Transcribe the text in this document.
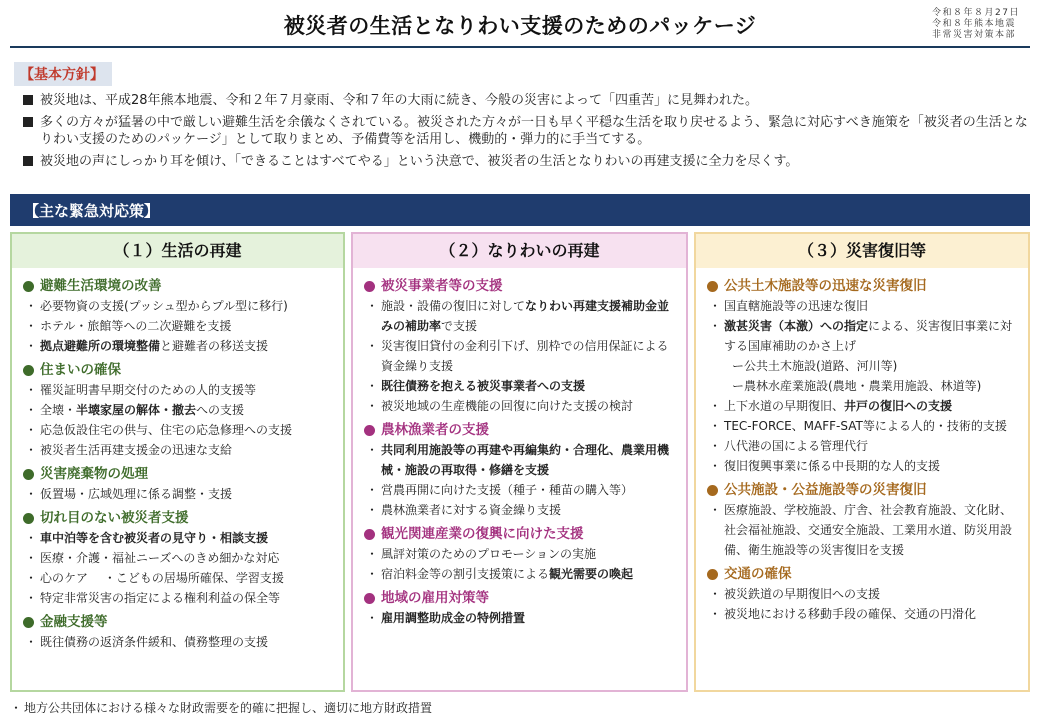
被災者の生活となりわい支援のためのパッケージ
令和８年８月27日
令和８年熊本地震
非常災害対策本部
【基本方針】
被災地は、平成28年熊本地震、令和２年７月豪雨、令和７年の大雨に続き、今般の災害によって「四重苦」に見舞われた。
多くの方々が猛暑の中で厳しい避難生活を余儀なくされている。被災された方々が一日も早く平穏な生活を取り戻せるよう、緊急に対応すべき施策を「被災者の生活となりわい支援のためのパッケージ」として取りまとめ、予備費等を活用し、機動的・弾力的に手当てする。
被災地の声にしっかり耳を傾け、「できることはすべてやる」という決意で、被災者の生活となりわいの再建支援に全力を尽くす。
【主な緊急対応策】
（１）生活の再建
避難生活環境の改善
・ 必要物資の支援(プッシュ型からプル型に移行)
・ ホテル・旅館等への二次避難を支援
・ 拠点避難所の環境整備と避難者の移送支援
住まいの確保
・ 罹災証明書早期交付のための人的支援等
・ 全壊・半壊家屋の解体・撤去への支援
・ 応急仮設住宅の供与、住宅の応急修理への支援
・ 被災者生活再建支援金の迅速な支給
災害廃棄物の処理
・ 仮置場・広域処理に係る調整・支援
切れ目のない被災者支援
・ 車中泊等を含む被災者の見守り・相談支援
・ 医療・介護・福祉ニーズへのきめ細かな対応
・ 心のケア　 ・こどもの居場所確保、学習支援
・ 特定非常災害の指定による権利利益の保全等
金融支援等
・ 既往債務の返済条件緩和、債務整理の支援
（２）なりわいの再建
被災事業者等の支援
・ 施設・設備の復旧に対してなりわい再建支援補助金並みの補助率で支援
・ 災害復旧貸付の金利引下げ、別枠での信用保証による資金繰り支援
・ 既往債務を抱える被災事業者への支援
・ 被災地域の生産機能の回復に向けた支援の検討
農林漁業者の支援
・ 共同利用施設等の再建や再編集約・合理化、農業用機械・施設の再取得・修繕を支援
・ 営農再開に向けた支援（種子・種苗の購入等）
・ 農林漁業者に対する資金繰り支援
観光関連産業の復興に向けた支援
・ 風評対策のためのプロモーションの実施
・ 宿泊料金等の割引支援策による観光需要の喚起
地域の雇用対策等
・ 雇用調整助成金の特例措置
（３）災害復旧等
公共土木施設等の迅速な災害復旧
・ 国直轄施設等の迅速な復旧
・ 激甚災害（本激）への指定による、災害復旧事業に対する国庫補助のかさ上げ
ー公共土木施設(道路、河川等)
ー農林水産業施設(農地・農業用施設、林道等)
・ 上下水道の早期復旧、井戸の復旧への支援
・ TEC-FORCE、MAFF-SAT等による人的・技術的支援
・ 八代港の国による管理代行
・ 復旧復興事業に係る中長期的な人的支援
公共施設・公益施設等の災害復旧
・ 医療施設、学校施設、庁舎、社会教育施設、文化財、社会福祉施設、交通安全施設、工業用水道、防災用設備、衛生施設等の災害復旧を支援
交通の確保
・ 被災鉄道の早期復旧への支援
・ 被災地における移動手段の確保、交通の円滑化
・ 地方公共団体における様々な財政需要を的確に把握し、適切に地方財政措置
